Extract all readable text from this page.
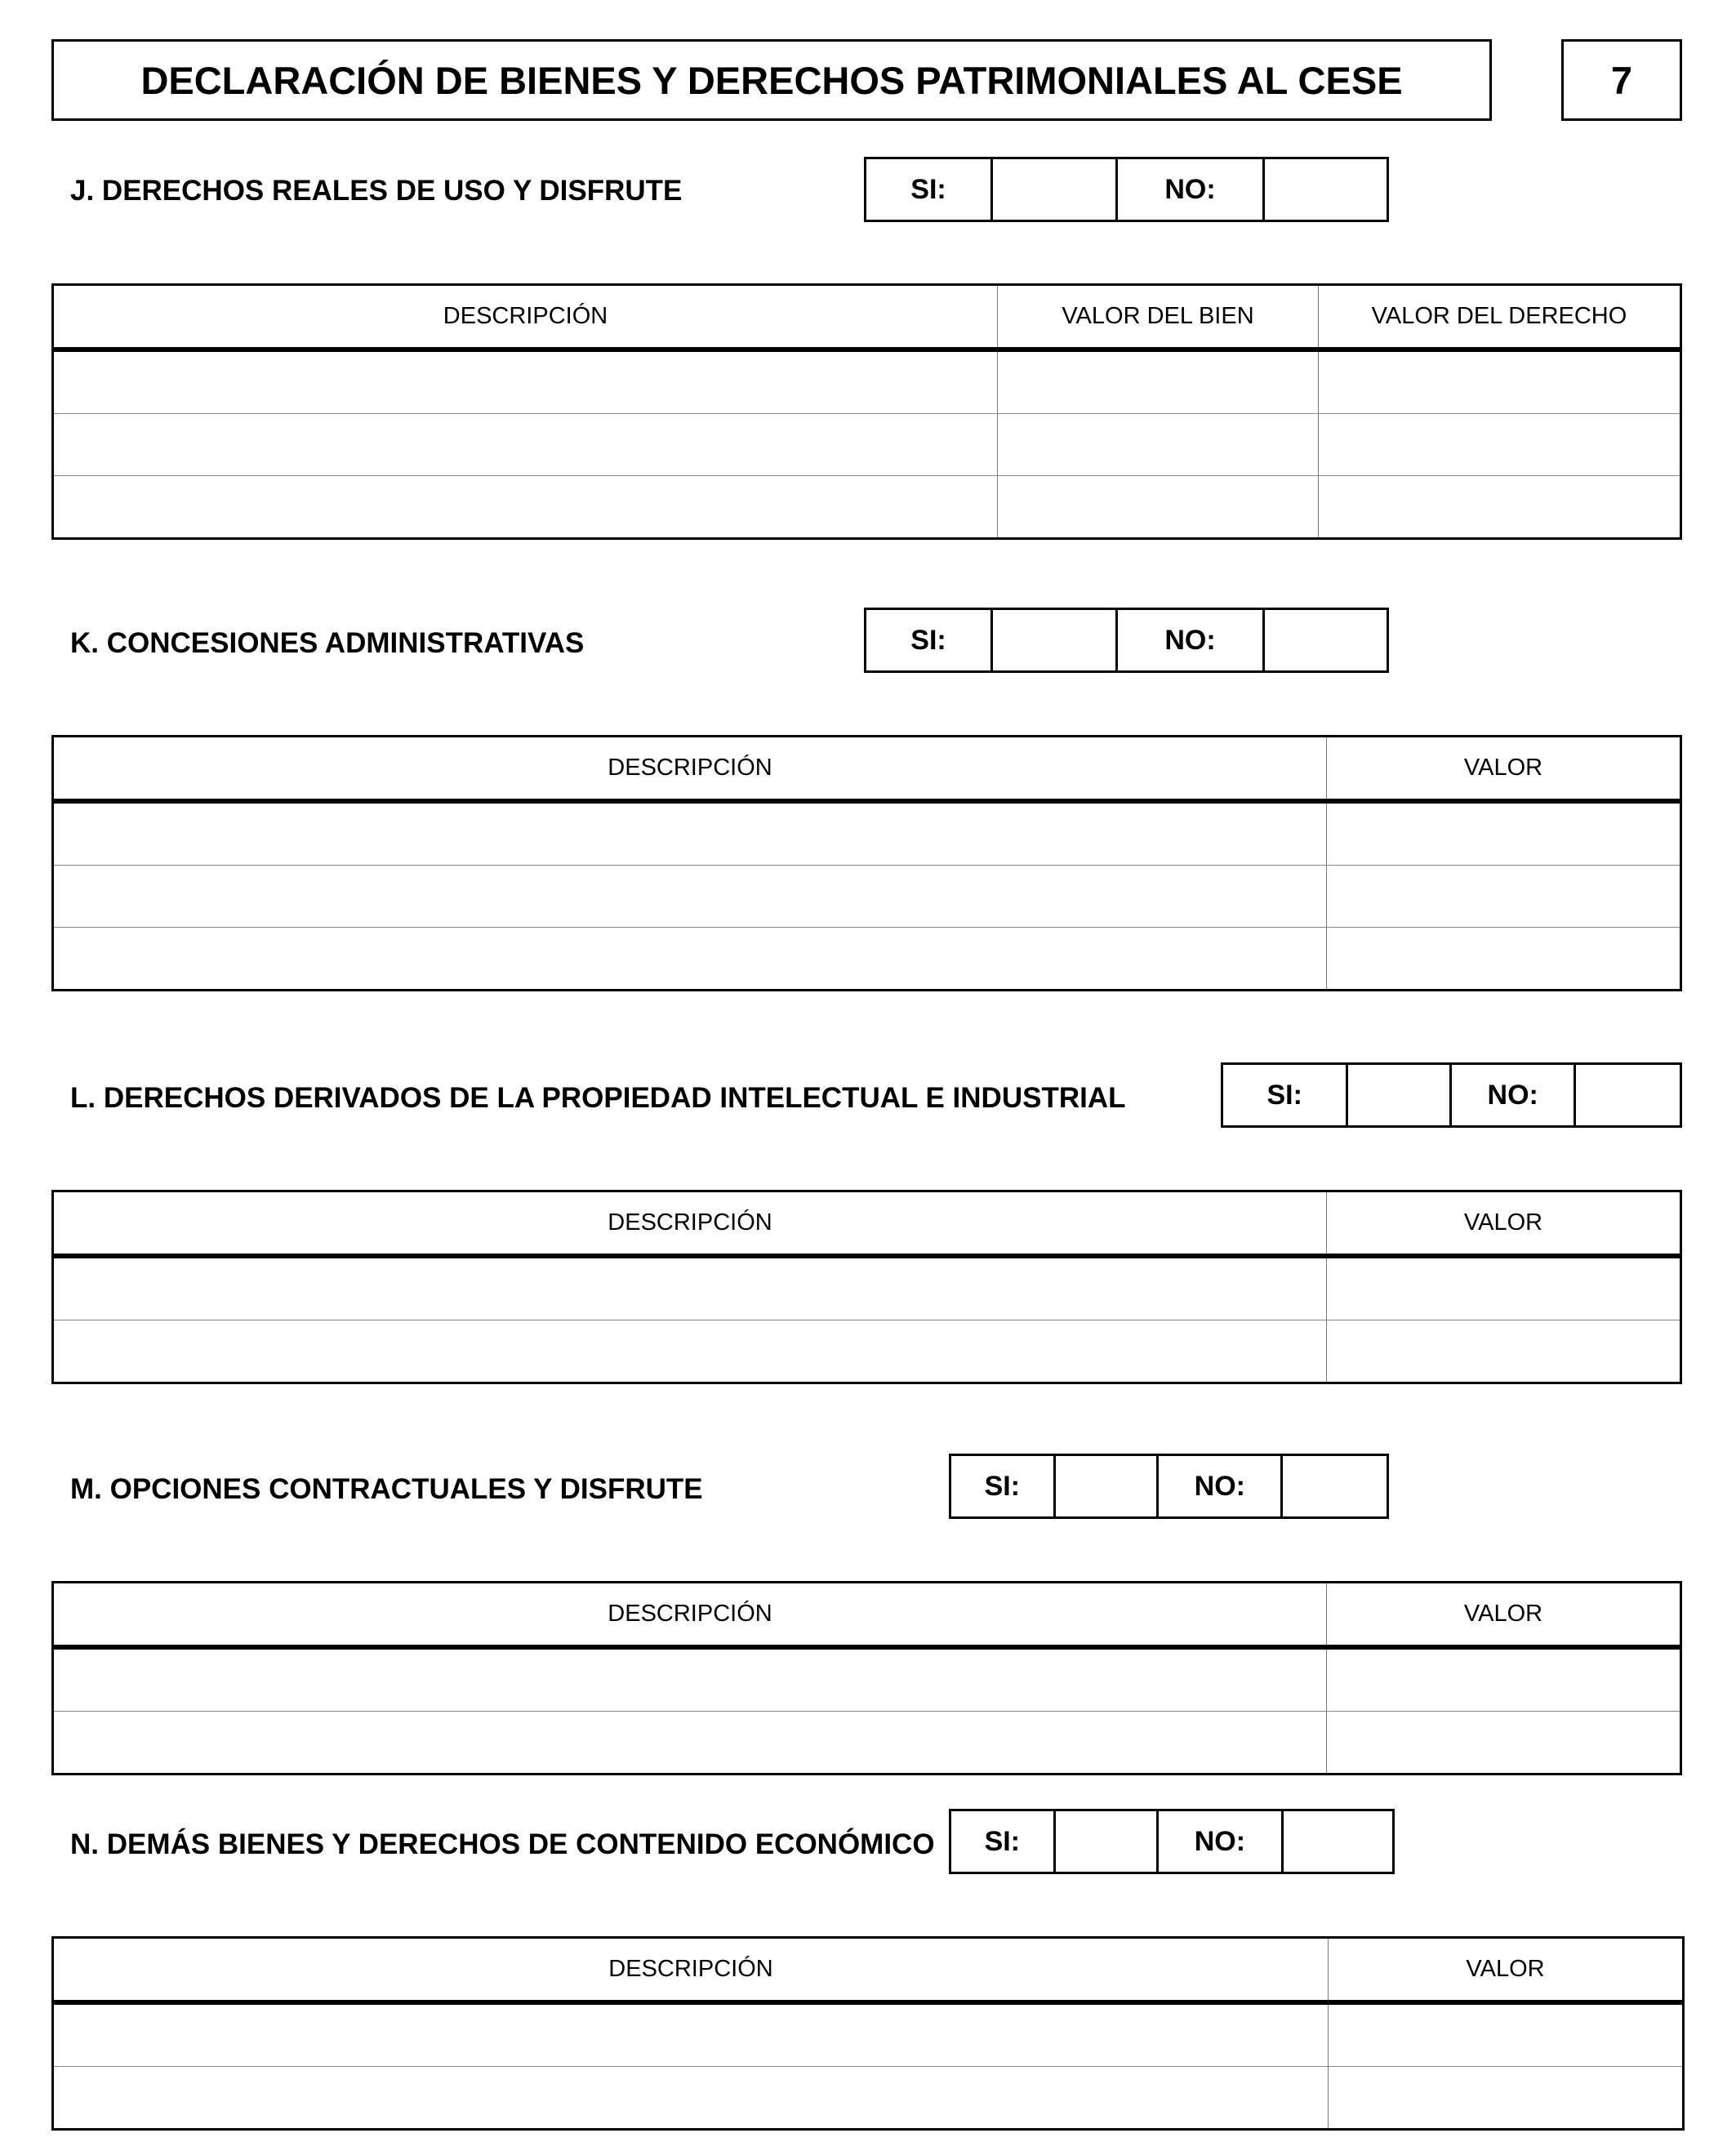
DECLARACIÓN DE BIENES Y DERECHOS PATRIMONIALES AL CESE	7
J. DERECHOS REALES DE USO Y DISFRUTE	SI:	NO:
DESCRIPCIÓN	VALOR DEL BIEN	VALOR DEL DERECHO

K. CONCESIONES ADMINISTRATIVAS	SI:	NO:
DESCRIPCIÓN	VALOR

L. DERECHOS DERIVADOS DE LA PROPIEDAD INTELECTUAL E INDUSTRIAL	SI:	NO:
DESCRIPCIÓN	VALOR

M. OPCIONES CONTRACTUALES Y DISFRUTE	SI:	NO:
DESCRIPCIÓN	VALOR

N. DEMÁS BIENES Y DERECHOS DE CONTENIDO ECONÓMICO	SI:	NO:
DESCRIPCIÓN	VALOR
